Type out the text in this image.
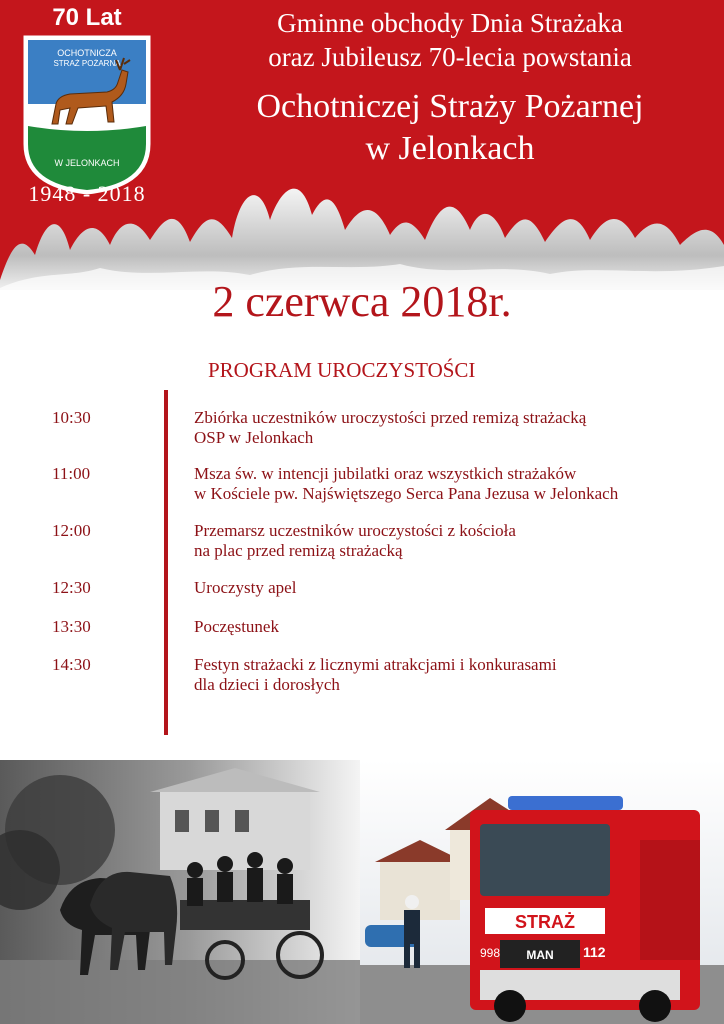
OCHOTNICZA
STRAŻ POŻARNA
W JELONKACH
70 Lat
1948 - 2018
Gminne obchody Dnia Strażaka
oraz Jubileusz 70-lecia powstania
Ochotniczej Straży Pożarnej
w Jelonkach
2 czerwca 2018r.
PROGRAM UROCZYSTOŚCI
10:30	Zbiórka uczestników uroczystości przed remizą strażacką
OSP w Jelonkach
11:00	Msza św. w intencji jubilatki oraz wszystkich strażaków
w Kościele pw. Najświętszego Serca Pana Jezusa w Jelonkach
12:00	Przemarsz uczestników uroczystości z kościoła
na plac przed remizą strażacką
12:30	Uroczysty apel
13:30	Poczęstunek
14:30	Festyn strażacki z licznymi atrakcjami i konkurasami
dla dzieci i dorosłych
STRAŻ
998	112
MAN
